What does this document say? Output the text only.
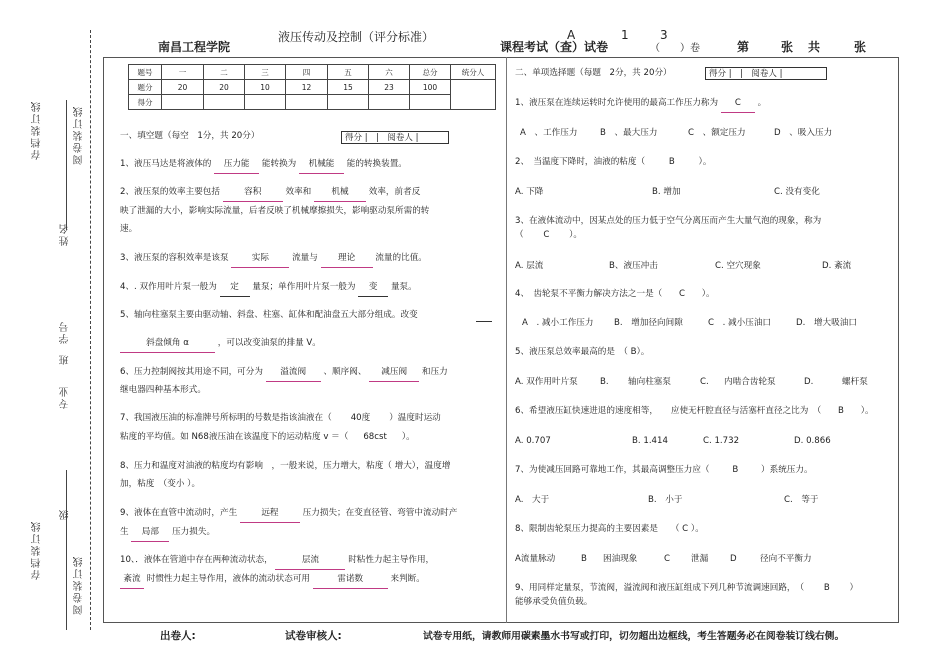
存档装订线
存档装订线
阅卷装订线
阅卷装订线
姓名
学号
班
专业
级
南昌工程学院
液压传动及控制（评分标准）
课程考试（查）试卷
A	1	3
（　　）卷	第	张 共	张
题号	一	二	三	四	五	六	总分	统分人
题分	20	20	10	12	15	23	100	
得分								
一、填空题（每空　1分，共 20分）	得分 |　|　阅卷人 |
1、液压马达是将液体的 压力能 能转换为 机械能 能的转换装置。
2、液压泵的效率主要包括	容积	效率和 机械 效率，前者反
映了泄漏的大小，影响实际流量，后者反映了机械摩擦损失，影响驱动泵所需的转
速。
3、液压泵的容积效率是该泵	实际	流量与 理论 流量的比值。
4、. 双作用叶片泵一般为 定 量泵；单作用叶片泵一般为 变 量泵。
5、轴向柱塞泵主要由驱动轴、斜盘、柱塞、缸体和配油盘五大部分组成。改变
斜盘倾角 α	，可以改变油泵的排量 V。
6、压力控制阀按其用途不同，可分为 溢流阀 、顺序阀、 减压阀 和压力
继电器四种基本形式。
7、我国液压油的标准牌号所标明的号数是指该油液在（ 40度 ）温度时运动
粘度的平均值。如 N68液压油在该温度下的运动粘度 v ＝（ 68cst ）。
8、压力和温度对油液的粘度均有影响　，一般来说，压力增大，粘度（ 增大），温度增
加，粘度　（变小 ）。
9、液体在直管中流动时，产生	远程	压力损失；在变直径管、弯管中流动时产
生 局部 压力损失。
10、．液体在管道中存在两种流动状态，	层流	时粘性力起主导作用，
紊流 时惯性力起主导作用，液体的流动状态可用	雷诺数	来判断。
二、单项选择题（每题　2分，共 20分）	得分 |　|　阅卷人 |
1、液压泵在连续运转时允许使用的最高工作压力称为 C 。
A　、工作压力	B　、最大压力	C　、额定压力	D　、吸入压力
2、　当温度下降时，油液的粘度（	B	）。
A. 下降	B. 增加	C. 没有变化
3、在液体流动中，因某点处的压力低于空气分离压而产生大量气泡的现象，称为
（ C ）。
A. 层流	B、液压冲击	C. 空穴现象	D. 紊流
4、　齿轮泵不平衡力解决方法之一是（ C ）。
A　. 减小工作压力 B.　增加径向间隙	C　. 减小压油口	D.　增大吸油口
5、液压泵总效率最高的是　（ B）。
A. 双作用叶片泵	B. 轴向柱塞泵	C. 内啮合齿轮泵	D.	螺杆泵
6、希望液压缸快速进退的速度相等，　　应使无杆腔直径与活塞杆直径之比为　（ B ）。
A. 0.707	B. 1.414	C. 1.732	D. 0.866
7、为使减压回路可靠地工作，其最高调整压力应（	B	）系统压力。
A.　大于	B.　小于	C.　等于
8、限制齿轮泵压力提高的主要因素是　　（ C ）。
A流量脉动	B 困油现象	C 泄漏	D	径向不平衡力
9、用同样定量泵，节流阀，溢流阀和液压缸组成下列几种节流调速回路，　（ B ）
能够承受负值负载。
出卷人:	试卷审核人:	试卷专用纸，请教师用碳素墨水书写或打印，切勿超出边框线，考生答题务必在阅卷装订线右侧。
